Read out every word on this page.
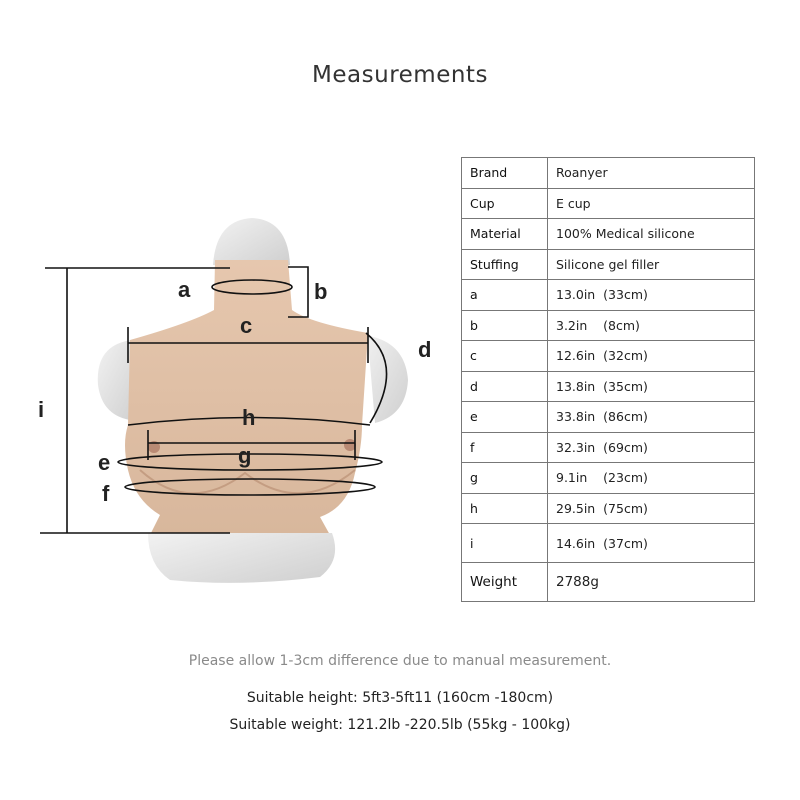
Measurements
a	b
c
d
h
g
e
f
i
Brand	Roanyer
Cup	E cup
Material	100% Medical silicone
Stuffing	Silicone gel filler
a	13.0in  (33cm)
b	3.2in    (8cm)
c	12.6in  (32cm)
d	13.8in  (35cm)
e	33.8in  (86cm)
f	32.3in  (69cm)
g	9.1in    (23cm)
h	29.5in  (75cm)
i	14.6in  (37cm)
Weight	2788g
Please allow 1-3cm difference due to manual measurement.
Suitable height: 5ft3-5ft11 (160cm -180cm)
Suitable weight: 121.2lb -220.5lb (55kg - 100kg)
